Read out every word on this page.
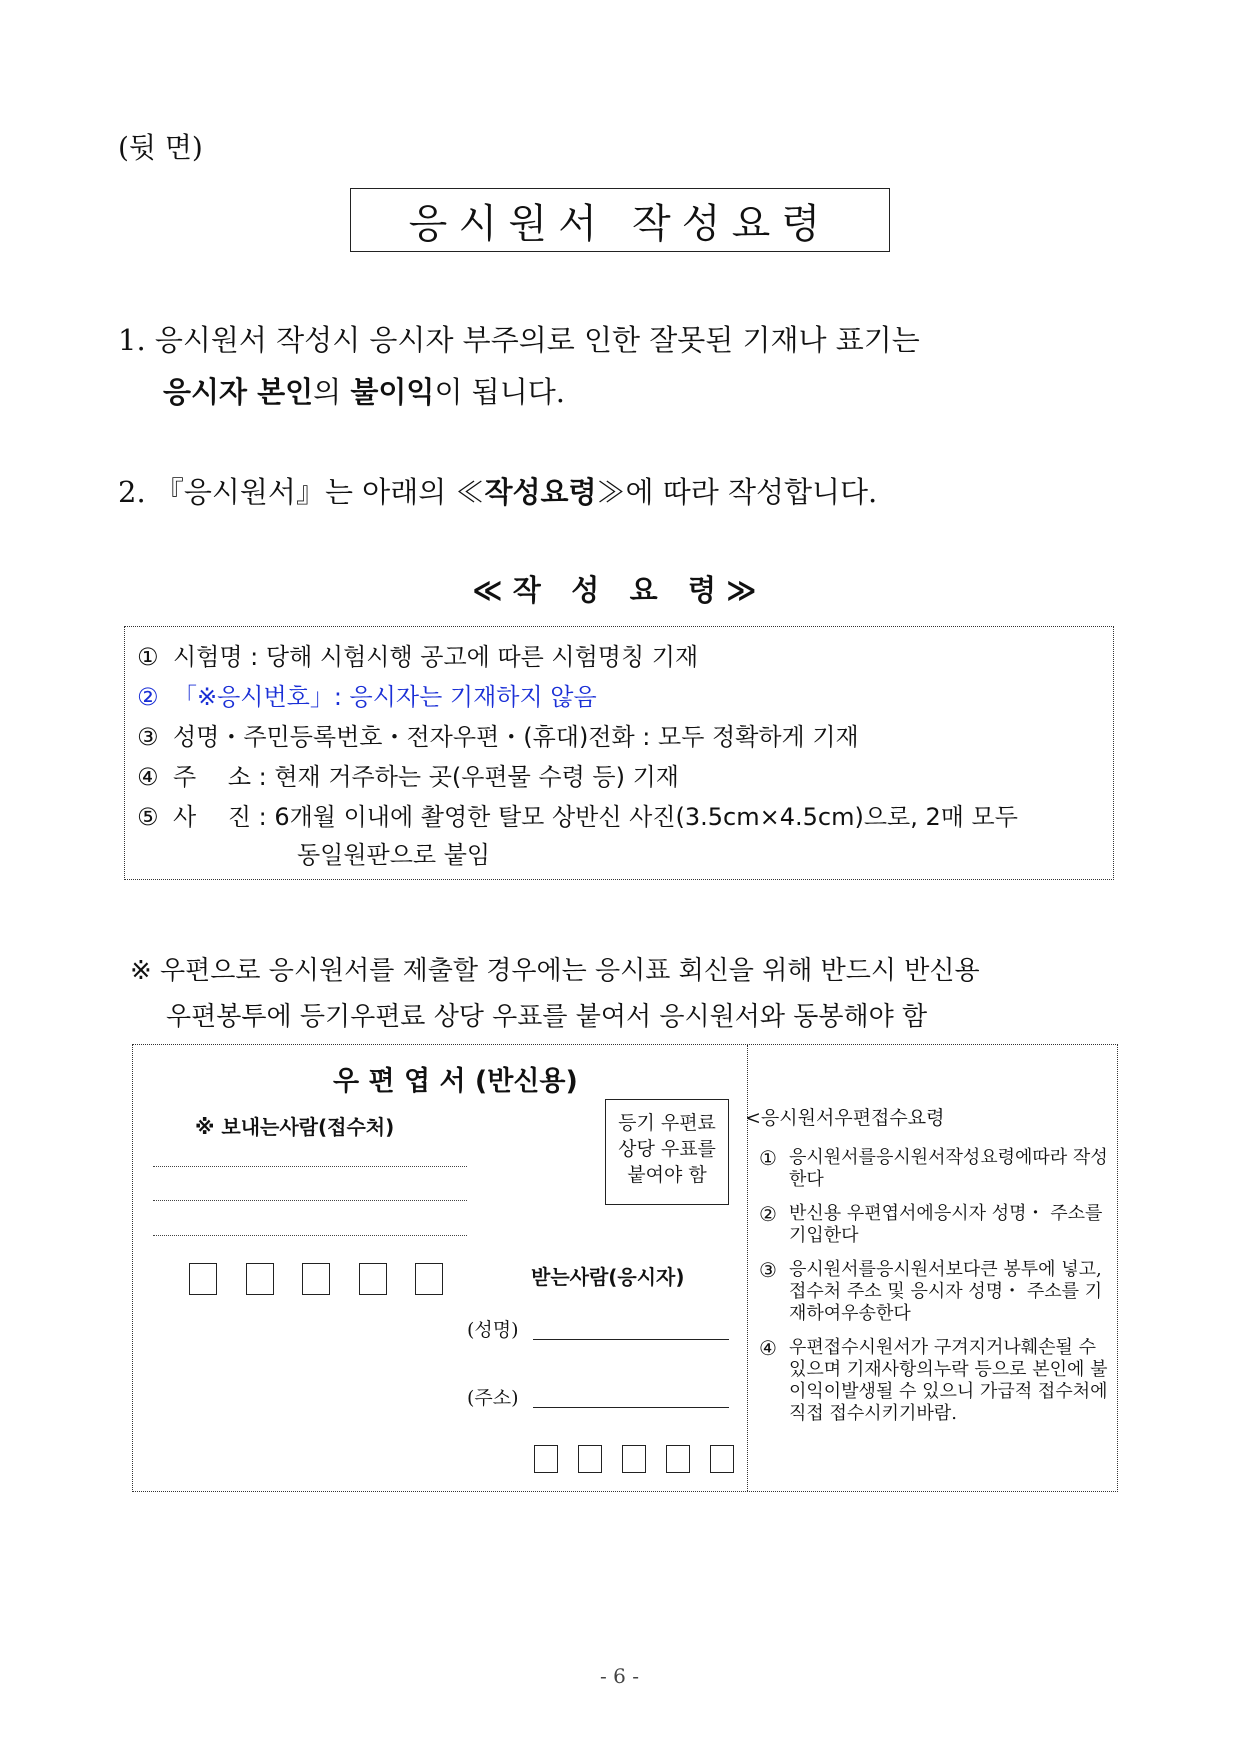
(뒷 면)
응시원서 작성요령
1. 응시원서 작성시 응시자 부주의로 인한 잘못된 기재나 표기는
응시자 본인의 불이익이 됩니다.
2. 『응시원서』는 아래의 ≪작성요령≫에 따라 작성합니다.
≪작 성 요 령≫
① 시험명 : 당해 시험시행 공고에 따른 시험명칭 기재
② 「※응시번호」: 응시자는 기재하지 않음
③ 성명・주민등록번호・전자우편・(휴대)전화 : 모두 정확하게 기재
④ 주　 소 : 현재 거주하는 곳(우편물 수령 등) 기재
⑤ 사　 진 : 6개월 이내에 촬영한 탈모 상반신 사진(3.5cm×4.5cm)으로, 2매 모두
동일원판으로 붙임
※ 우편으로 응시원서를 제출할 경우에는 응시표 회신을 위해 반드시 반신용
우편봉투에 등기우편료 상당 우표를 붙여서 응시원서와 동봉해야 함
우 편 엽 서 (반신용)
※ 보내는사람(접수처)	등기 우편료
상당 우표를
붙여야 함
받는사람(응시자)
(성명)
(주소)
<응시원서우편접수요령
① 응시원서를응시원서작성요령에따라 작성한다
② 반신용 우편엽서에응시자 성명・ 주소를 기입한다
③ 응시원서를응시원서보다큰 봉투에 넣고, 접수처 주소 및 응시자 성명・ 주소를 기재하여우송한다
④ 우편접수시원서가 구겨지거나훼손될 수 있으며 기재사항의누락 등으로 본인에 불이익이발생될 수 있으니 가급적 접수처에 직접 접수시키기바람.
- 6 -
